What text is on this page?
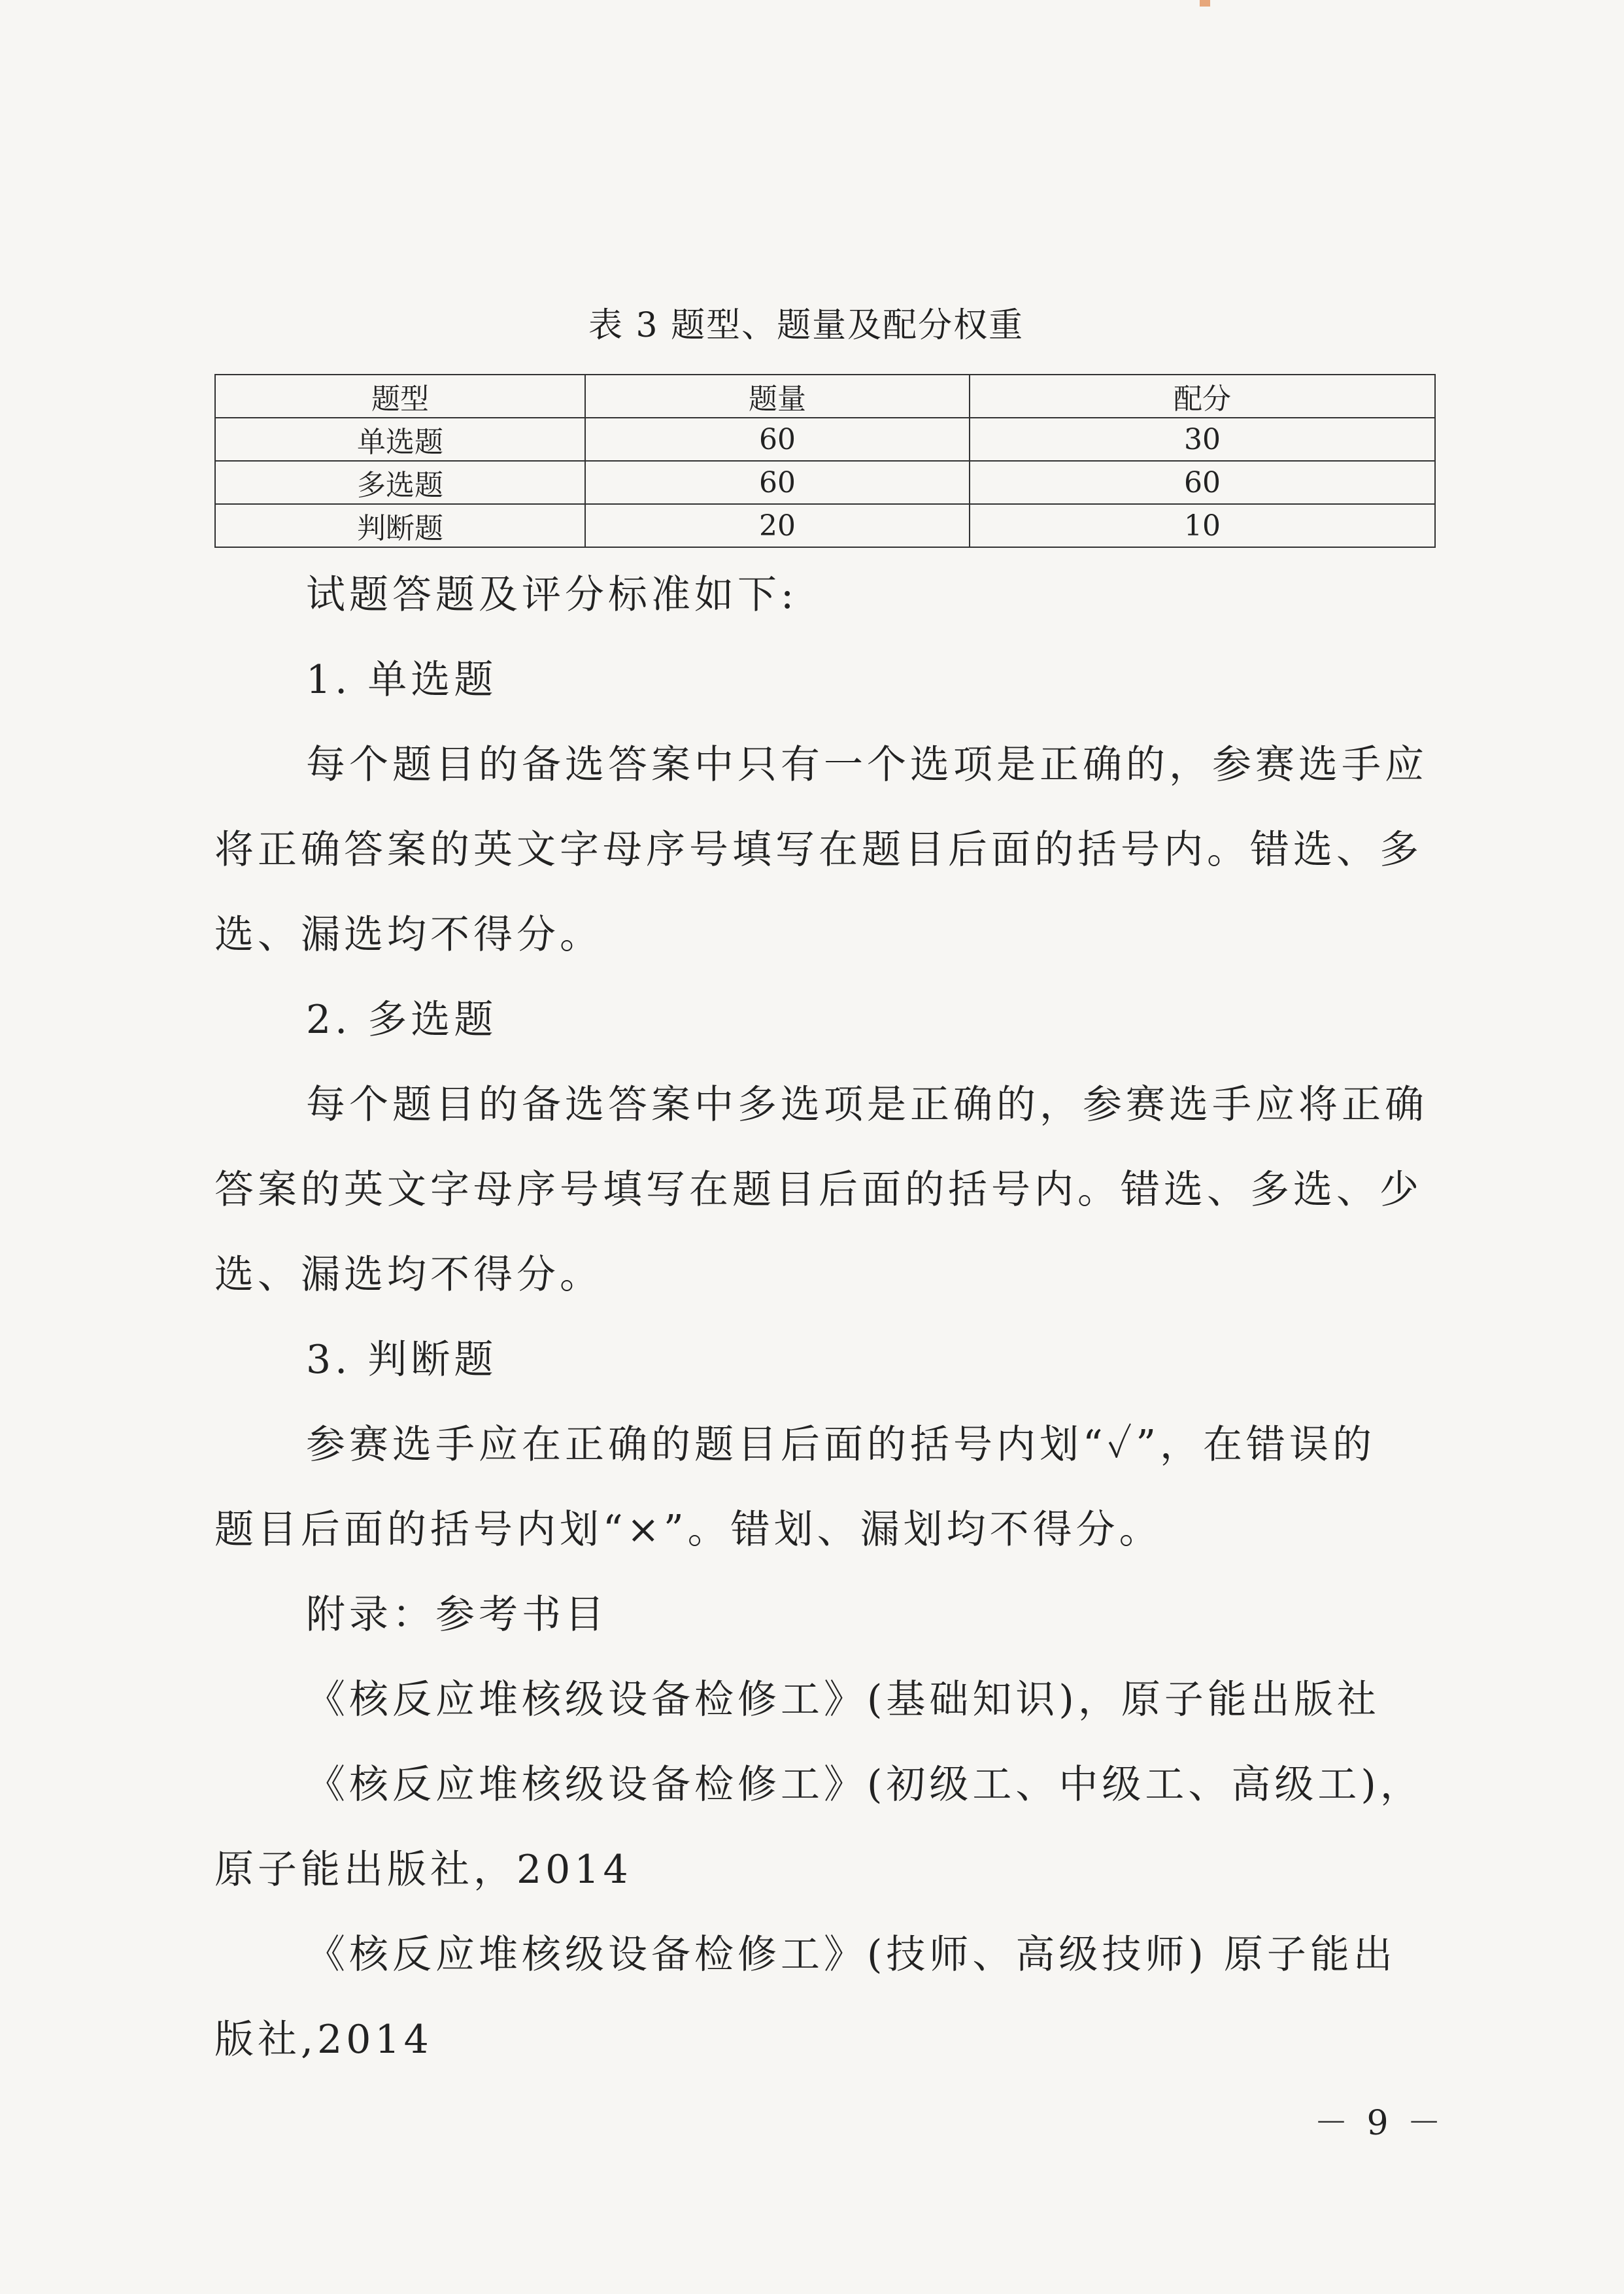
表 3 题型、题量及配分权重
题型	题量	配分
单选题	60	30
多选题	60	60
判断题	20	10
试题答题及评分标准如下:
1. 单选题
每个题目的备选答案中只有一个选项是正确的，参赛选手应
将正确答案的英文字母序号填写在题目后面的括号内。错选、多
选、漏选均不得分。
2. 多选题
每个题目的备选答案中多选项是正确的，参赛选手应将正确
答案的英文字母序号填写在题目后面的括号内。错选、多选、少
选、漏选均不得分。
3. 判断题
参赛选手应在正确的题目后面的括号内划“✓”，在错误的
题目后面的括号内划“×”。错划、漏划均不得分。
附录：参考书目
《核反应堆核级设备检修工》(基础知识)，原子能出版社
《核反应堆核级设备检修工》(初级工、中级工、高级工)，
原子能出版社，2014
《核反应堆核级设备检修工》(技师、高级技师) 原子能出
版社,2014
－ 9 －
